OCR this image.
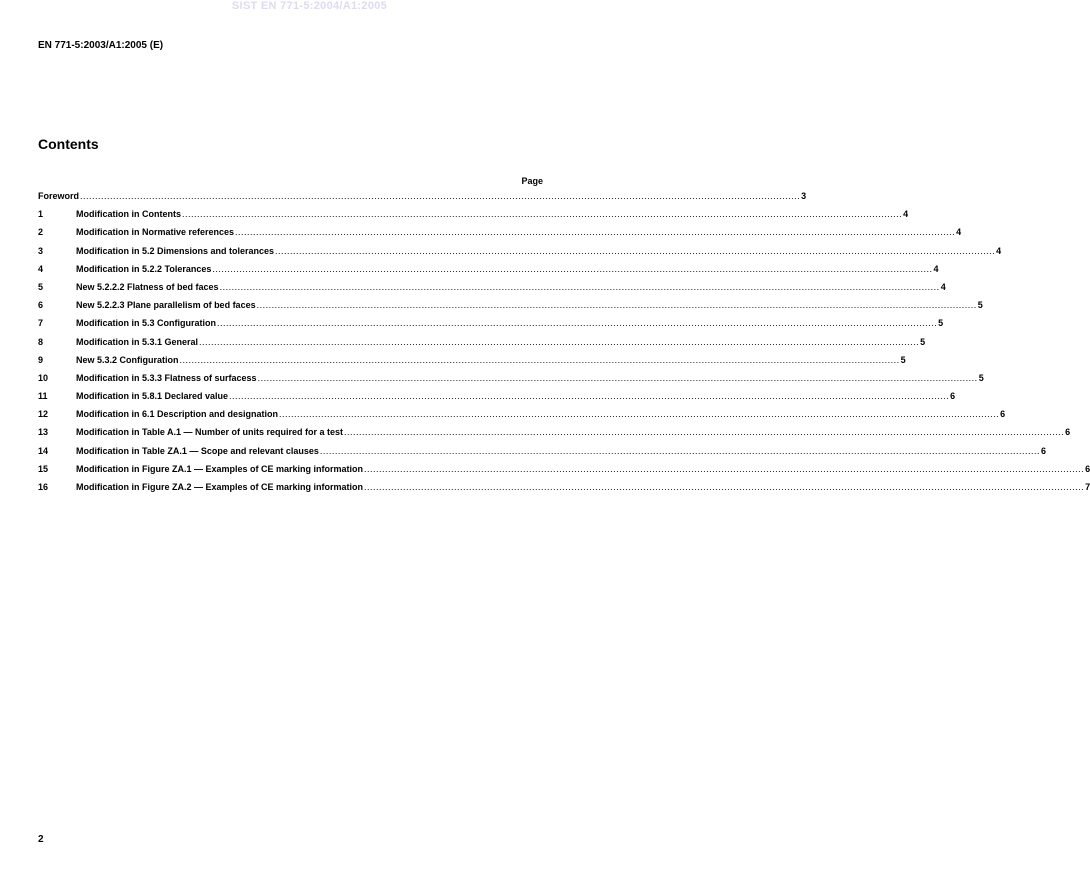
SIST EN 771-5:2004/A1:2005
EN 771-5:2003/A1:2005 (E)
Contents
Page
Foreword .....	3
1	Modification in Contents .....	4
2	Modification in Normative references .....	4
3	Modification in 5.2 Dimensions and tolerances .....	4
4	Modification in 5.2.2 Tolerances .....	4
5	New 5.2.2.2 Flatness of bed faces .....	4
6	New 5.2.2.3 Plane parallelism of bed faces .....	5
7	Modification in 5.3 Configuration .....	5
8	Modification in 5.3.1 General .....	5
9	New 5.3.2 Configuration .....	5
10	Modification in 5.3.3 Flatness of surfacess .....	5
11	Modification in 5.8.1 Declared value .....	6
12	Modification in 6.1 Description and designation .....	6
13	Modification in Table A.1 — Number of units required for a test .....	6
14	Modification in Table ZA.1 — Scope and relevant clauses .....	6
15	Modification in Figure ZA.1 — Examples of CE marking information .....	6
16	Modification in Figure ZA.2 — Examples of CE marking information .....	7
2
